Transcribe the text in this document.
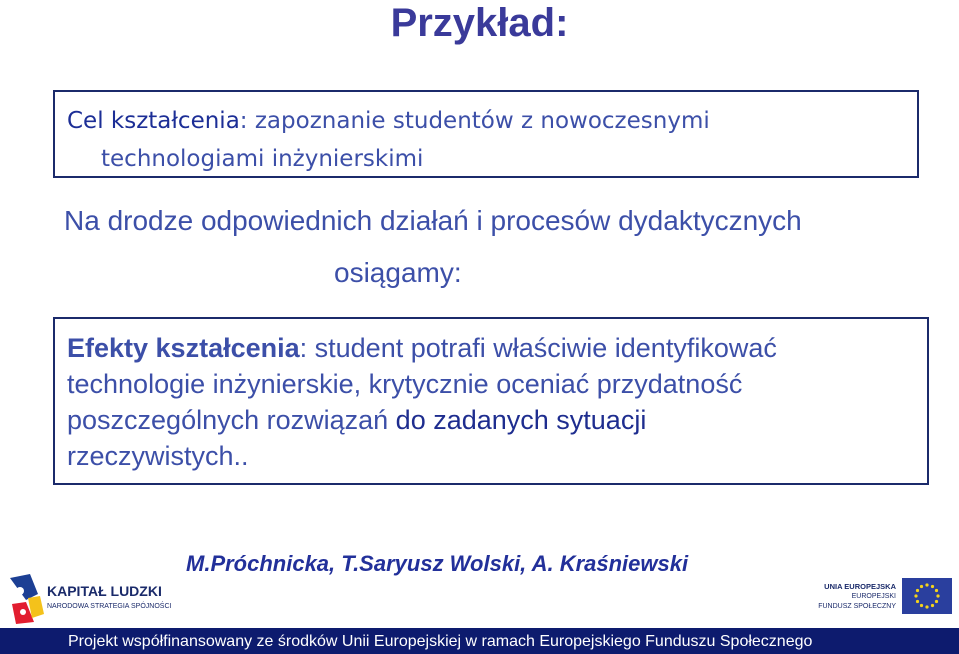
Przykład:
Cel kształcenia: zapoznanie studentów z nowoczesnymi
technologiami inżynierskimi
Na drodze odpowiednich działań i procesów dydaktycznych
osiągamy:
Efekty kształcenia: student potrafi właściwie identyfikować
technologie inżynierskie, krytycznie oceniać przydatność
poszczególnych rozwiązań do zadanych sytuacji
rzeczywistych..
M.Próchnicka, T.Saryusz Wolski, A. Kraśniewski
KAPITAŁ LUDZKI
NARODOWA STRATEGIA SPÓJNOŚCI
UNIA EUROPEJSKA
EUROPEJSKI
FUNDUSZ SPOŁECZNY
Projekt współfinansowany ze środków Unii Europejskiej w ramach Europejskiego Funduszu Społecznego
